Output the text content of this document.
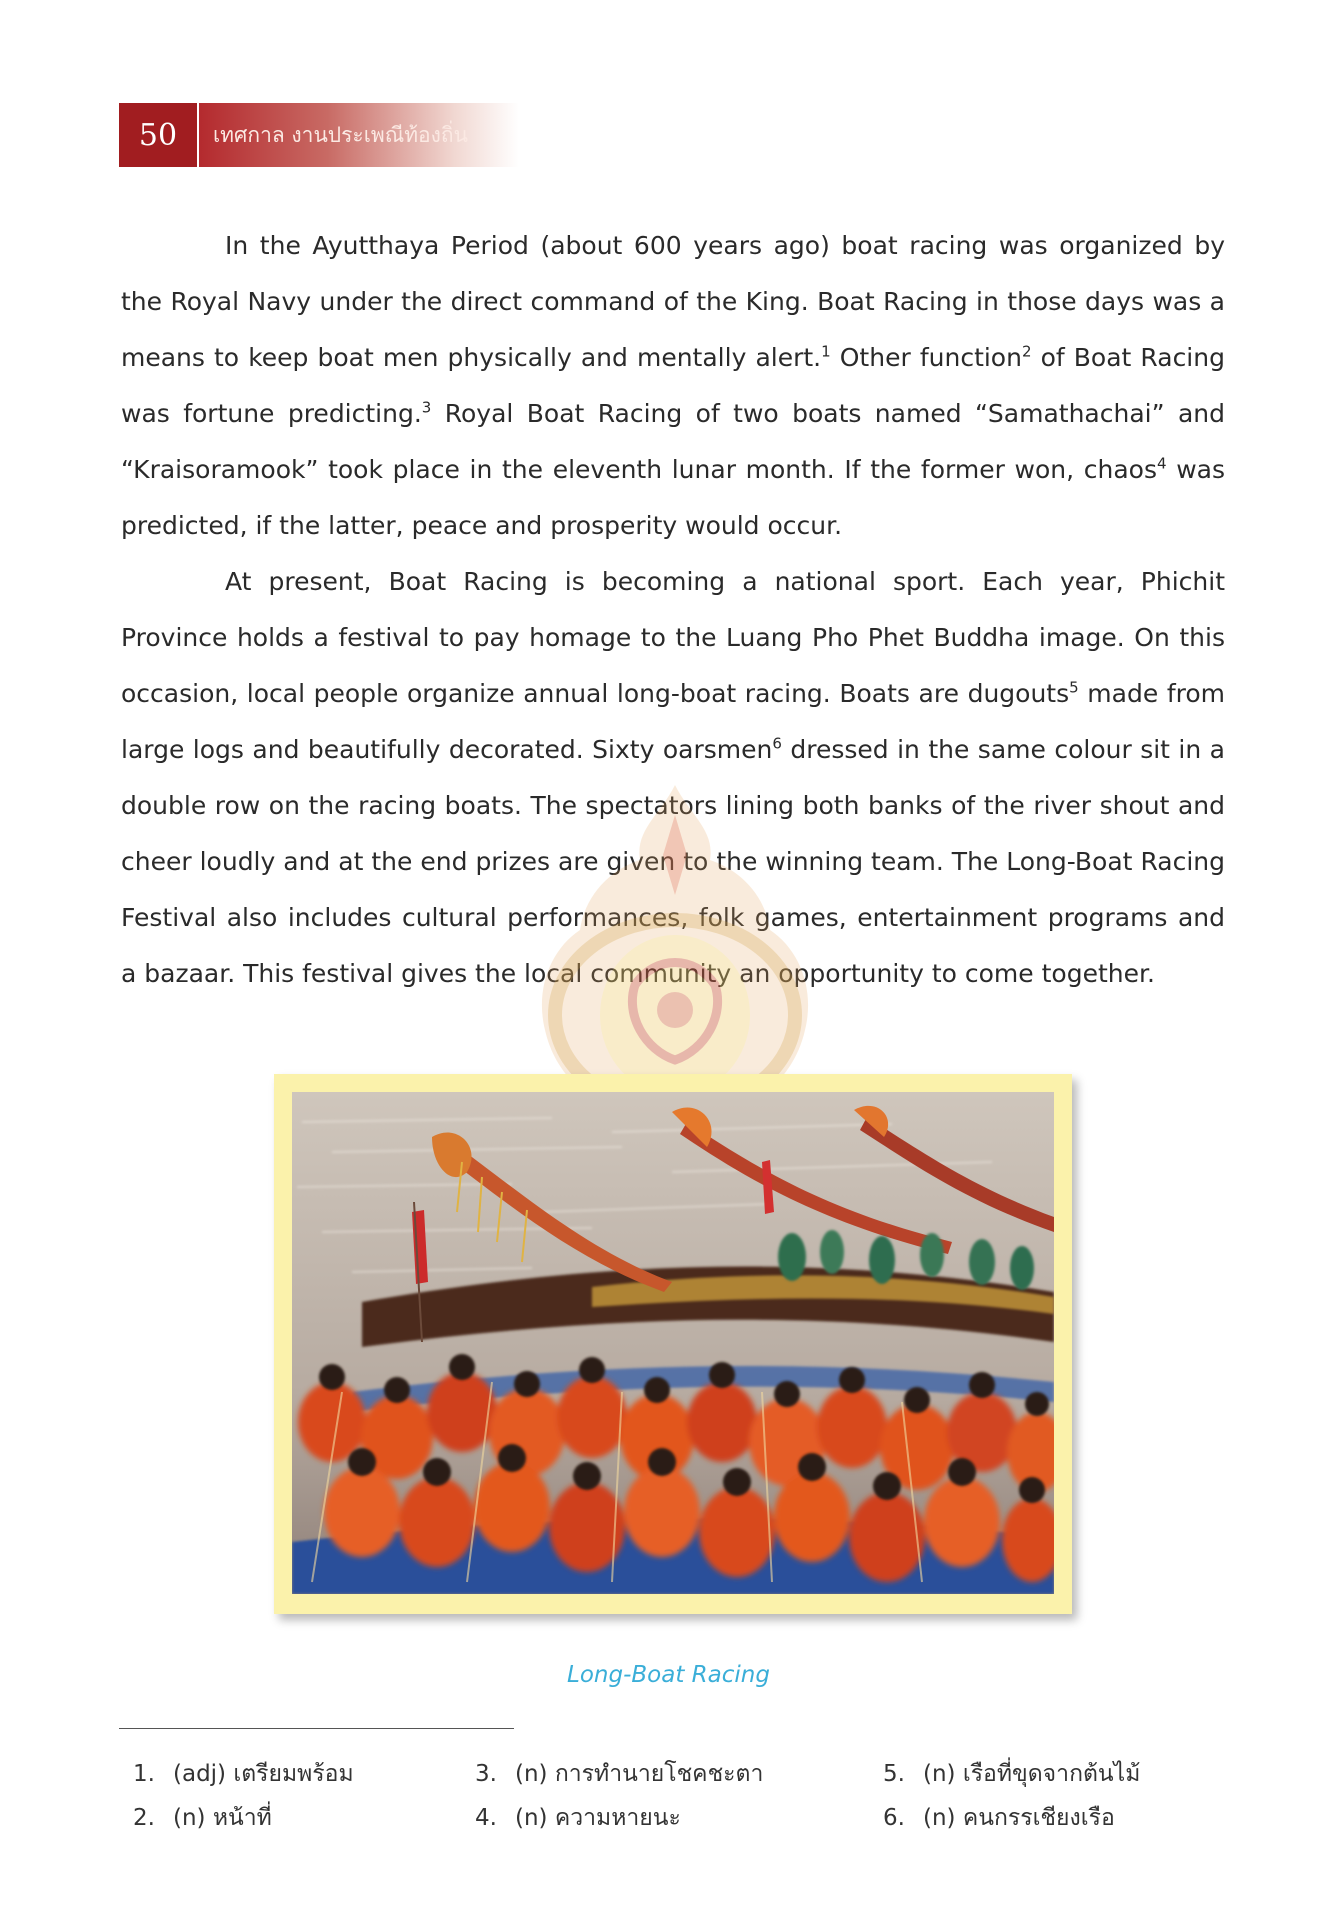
50	เทศกาล งานประเพณีท้องถิ่น

In the Ayutthaya Period (about 600 years ago) boat racing was organized by the Royal Navy under the direct command of the King. Boat Racing in those days was a means to keep boat men physically and mentally alert.$^1$ Other function$^2$ of Boat Racing was fortune predicting.$^3$ Royal Boat Racing of two boats named “Samathachai” and “Kraisoramook” took place in the eleventh lunar month. If the former won, chaos$^4$ was predicted, if the latter, peace and prosperity would occur.

At present, Boat Racing is becoming a national sport. Each year, Phichit Province holds a festival to pay homage to the Luang Pho Phet Buddha image. On this occasion, local people organize annual long-boat racing. Boats are dugouts$^5$ made from large logs and beautifully decorated. Sixty oarsmen$^6$ dressed in the same colour sit in a double row on the racing boats. The spectators lining both banks of the river shout and cheer loudly and at the end prizes are given to the winning team. The Long-Boat Racing Festival also includes cultural performances, folk games, entertainment programs and a bazaar. This festival gives the local community an opportunity to come together.

Long-Boat Racing
1. (adj) เตรียมพร้อม
2. (n) หน้าที่
3. (n) การทำนายโชคชะตา
4. (n) ความหายนะ
5. (n) เรือที่ขุดจากต้นไม้
6. (n) คนกรรเชียงเรือ
